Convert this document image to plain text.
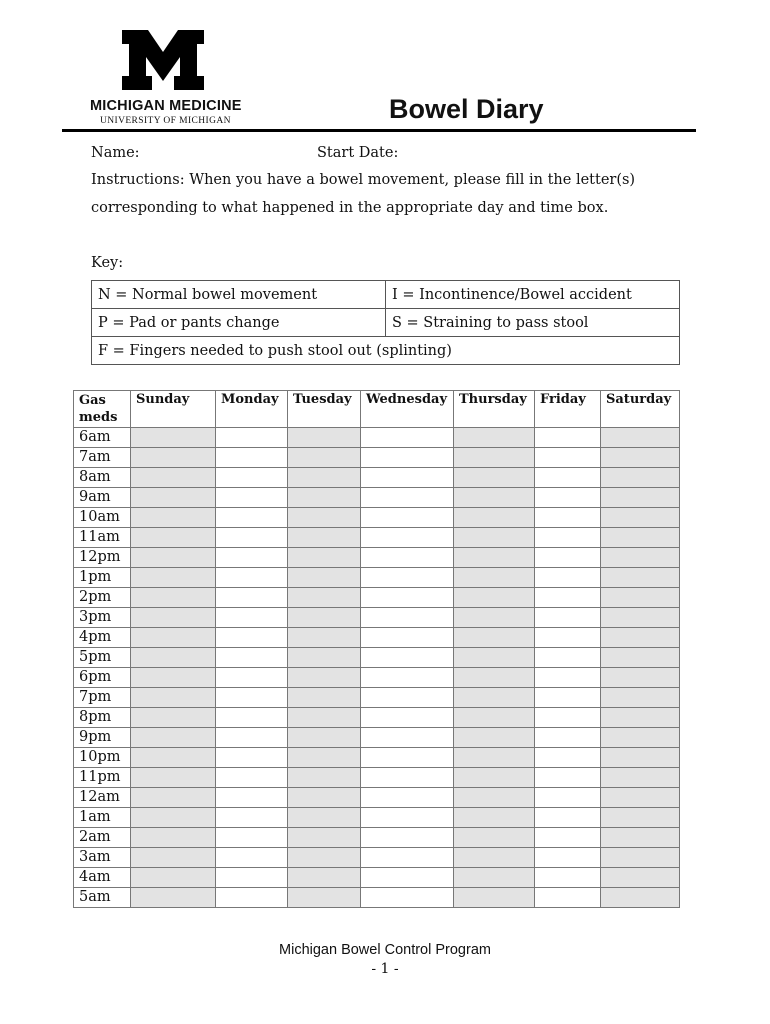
MICHIGAN MEDICINE
UNIVERSITY OF MICHIGAN	Bowel Diary
Name:	Start Date:
Instructions: When you have a bowel movement, please fill in the letter(s)
corresponding to what happened in the appropriate day and time box.
Key:
N = Normal bowel movement	I = Incontinence/Bowel accident
P = Pad or pants change	S = Straining to pass stool
F = Fingers needed to push stool out (splinting)	
Gas
meds	Sunday	Monday	Tuesday	Wednesday	Thursday	Friday	Saturday
6am							
7am							
8am							
9am							
10am							
11am							
12pm							
1pm							
2pm							
3pm							
4pm							
5pm							
6pm							
7pm							
8pm							
9pm							
10pm							
11pm							
12am							
1am							
2am							
3am							
4am							
5am							
Michigan Bowel Control Program
- 1 -
